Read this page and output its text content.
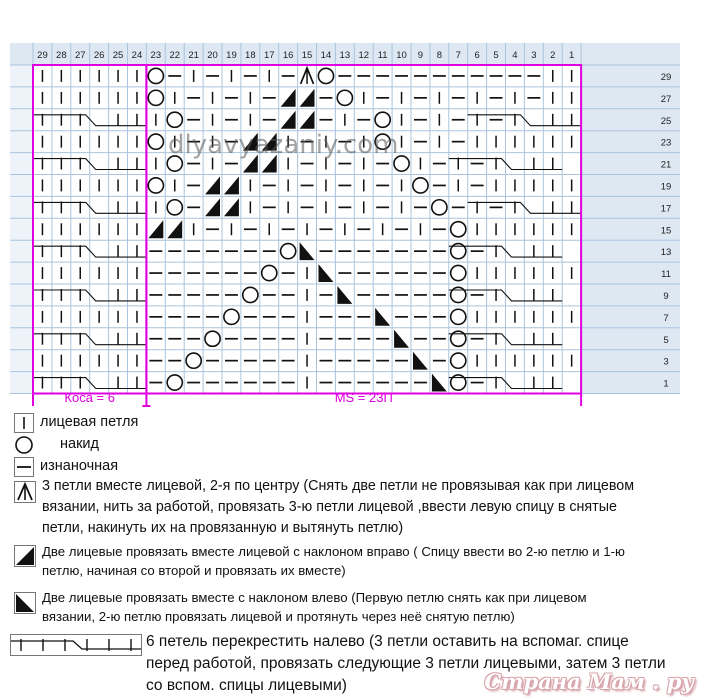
29 28 27 26 25 24 23 22 21 20 19 18 17 16 15 14 13 12 11 10 9 8 7 6 5 4 3 2 1
29
27
25
23
21
19
17
15
13
11
9
7
5
3
1
Коса = 6	MS = 23П
dlyavyazaniy.com
лицевая петля
накид
изнаночная
3 петли вместе лицевой, 2-я по центру (Снять две петли не провязывая как при лицевом вязании, нить за работой, провязать 3-ю петли лицевой ,ввести левую спицу в снятые петли, накинуть их на провязанную и вытянуть петлю)
Две лицевые провязать вместе лицевой с наклоном вправо ( Спицу ввести во 2-ю петлю и 1-ю петлю, начиная со второй и провязать их вместе)
Две лицевые провязать вместе с наклоном влево (Первую петлю снять как при лицевом вязании, 2-ю петлю провязать лицевой и протянуть через неё снятую петлю)
6 петель перекрестить налево (3 петли оставить на вспомаг. спице перед работой, провязать следующие 3 петли лицевыми, затем 3 петли со вспом. спицы лицевыми)	Страна Мам . ру
